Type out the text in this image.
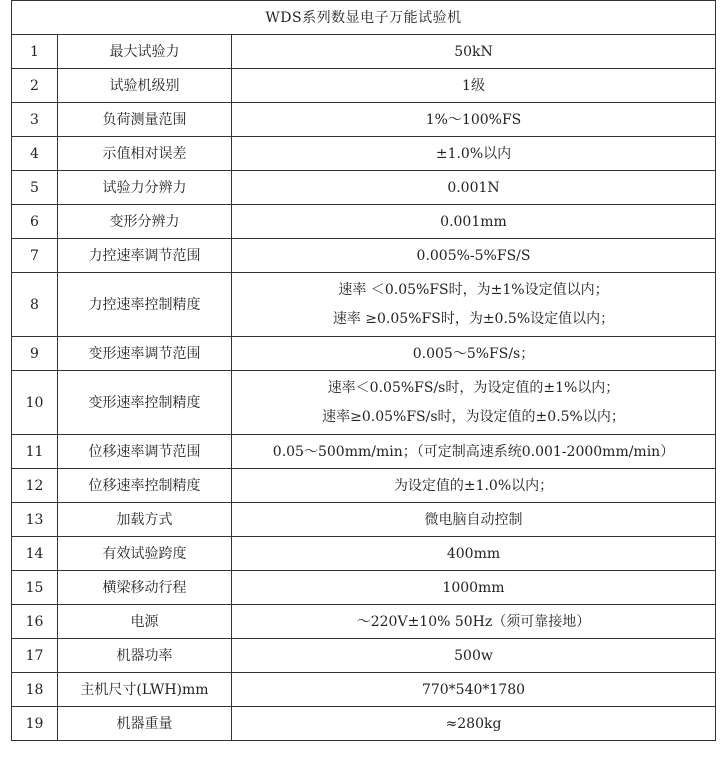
WDS系列数显电子万能试验机		
1	最大试验力	50kN
2	试验机级别	1级
3	负荷测量范围	1%～100%FS
4	示值相对误差	±1.0%以内
5	试验力分辨力	0.001N
6	变形分辨力	0.001mm
7	力控速率调节范围	0.005%-5%FS/S
8	力控速率控制精度	速率 ＜0.05%FS时，为±1%设定值以内；
速率 ≥0.05%FS时，为±0.5%设定值以内；

9	变形速率调节范围	0.005～5%FS/s；
10	变形速率控制精度	速率＜0.05%FS/s时，为设定值的±1%以内；
速率≥0.05%FS/s时，为设定值的±0.5%以内；

11	位移速率调节范围	0.05～500mm/min；（可定制高速系统0.001-2000mm/min）
12	位移速率控制精度	为设定值的±1.0%以内；
13	加载方式	微电脑自动控制
14	有效试验跨度	400mm
15	横梁移动行程	1000mm
16	电源	～220V±10% 50Hz（须可靠接地）
17	机器功率	500w
18	主机尺寸(LWH)mm	770*540*1780
19	机器重量	≈280kg
